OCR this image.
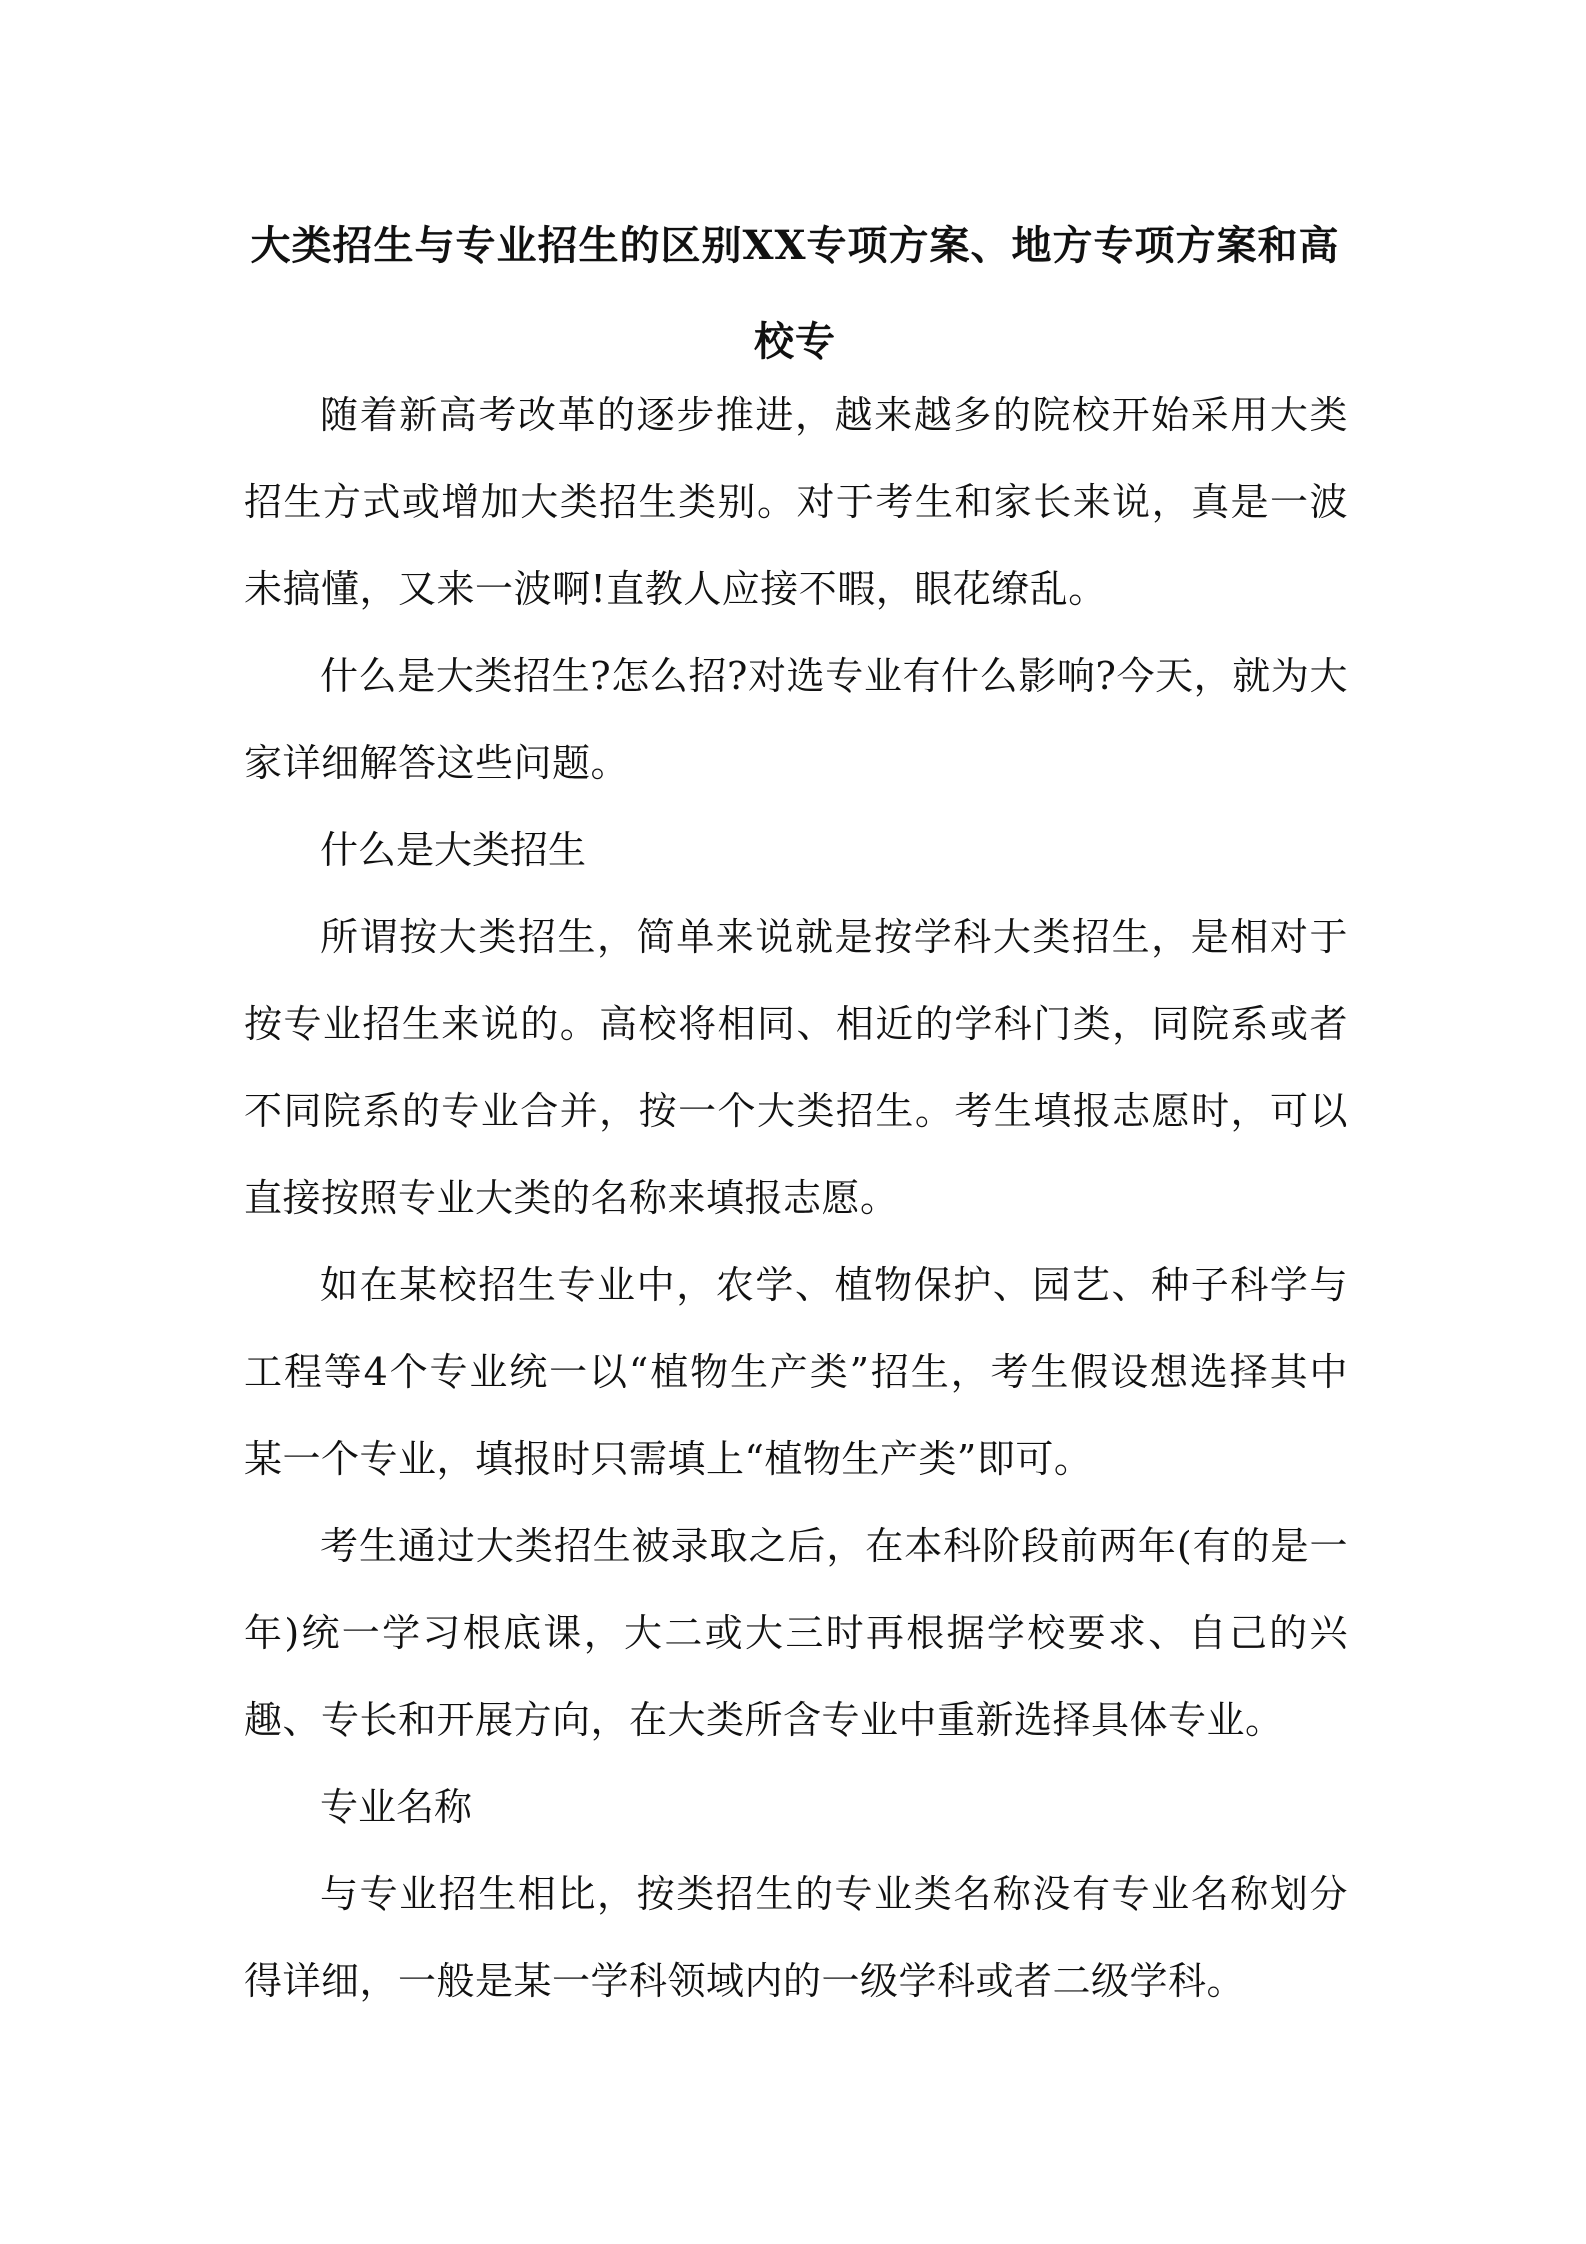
大类招生与专业招生的区别XX专项方案、地方专项方案和高校专

随着新高考改革的逐步推进，越来越多的院校开始采用大类招生方式或增加大类招生类别。对于考生和家长来说，真是一波未搞懂，又来一波啊!直教人应接不暇，眼花缭乱。

什么是大类招生?怎么招?对选专业有什么影响?今天，就为大家详细解答这些问题。

什么是大类招生

所谓按大类招生，简单来说就是按学科大类招生，是相对于按专业招生来说的。高校将相同、相近的学科门类，同院系或者不同院系的专业合并，按一个大类招生。考生填报志愿时，可以直接按照专业大类的名称来填报志愿。

如在某校招生专业中，农学、植物保护、园艺、种子科学与工程等4个专业统一以“植物生产类”招生，考生假设想选择其中某一个专业，填报时只需填上“植物生产类”即可。

考生通过大类招生被录取之后，在本科阶段前两年(有的是一年)统一学习根底课，大二或大三时再根据学校要求、自己的兴趣、专长和开展方向，在大类所含专业中重新选择具体专业。

专业名称

与专业招生相比，按类招生的专业类名称没有专业名称划分得详细，一般是某一学科领域内的一级学科或者二级学科。
